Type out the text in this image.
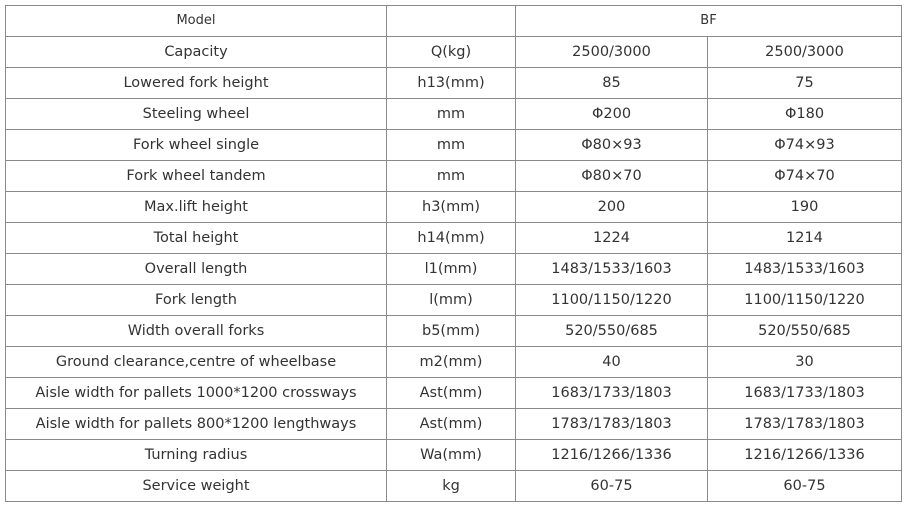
Model		BF	
Capacity	Q(kg)	2500/3000	2500/3000
Lowered fork height	h13(mm)	85	75
Steeling wheel	mm	Φ200	Φ180
Fork wheel single	mm	Φ80×93	Φ74×93
Fork wheel tandem	mm	Φ80×70	Φ74×70
Max.lift height	h3(mm)	200	190
Total height	h14(mm)	1224	1214
Overall length	l1(mm)	1483/1533/1603	1483/1533/1603
Fork length	l(mm)	1100/1150/1220	1100/1150/1220
Width overall forks	b5(mm)	520/550/685	520/550/685
Ground clearance,centre of wheelbase	m2(mm)	40	30
Aisle width for pallets 1000*1200 crossways	Ast(mm)	1683/1733/1803	1683/1733/1803
Aisle width for pallets 800*1200 lengthways	Ast(mm)	1783/1783/1803	1783/1783/1803
Turning radius	Wa(mm)	1216/1266/1336	1216/1266/1336
Service weight	kg	60-75	60-75
